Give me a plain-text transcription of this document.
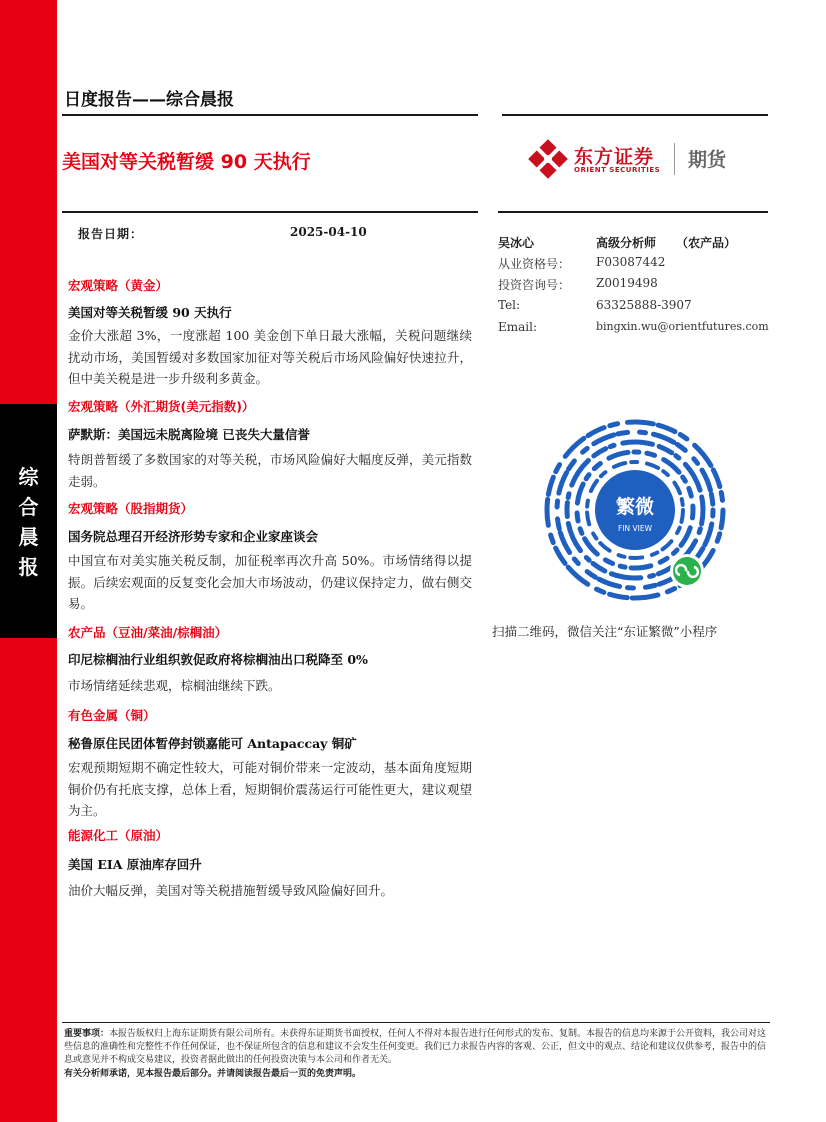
综
合
晨
报
日度报告——综合晨报
美国对等关税暂缓 90 天执行	东方证券
ORIENT SECURITIES 期货
报告日期：	2025-04-10
吴冰心	高级分析师 （农产品）
从业资格号： F03087442
投资咨询号： Z0019498
Tel:	63325888-3907
Email:	bingxin.wu@orientfutures.com
宏观策略（黄金）
美国对等关税暂缓 90 天执行
金价大涨超 3%，一度涨超 100 美金创下单日最大涨幅，关税问题继续扰动市场，美国暂缓对多数国家加征对等关税后市场风险偏好快速拉升，但中美关税是进一步升级利多黄金。
宏观策略（外汇期货(美元指数)）
萨默斯：美国远未脱离险境 已丧失大量信誉
特朗普暂缓了多数国家的对等关税，市场风险偏好大幅度反弹，美元指数走弱。
宏观策略（股指期货）
国务院总理召开经济形势专家和企业家座谈会
中国宣布对美实施关税反制，加征税率再次升高 50%。市场情绪得以提振。后续宏观面的反复变化会加大市场波动，仍建议保持定力，做右侧交易。
农产品（豆油/菜油/棕榈油）
印尼棕榈油行业组织敦促政府将棕榈油出口税降至 0%
市场情绪延续悲观，棕榈油继续下跌。
有色金属（铜）
秘鲁原住民团体暂停封锁嘉能可 Antapaccay 铜矿
宏观预期短期不确定性较大，可能对铜价带来一定波动，基本面角度短期铜价仍有托底支撑，总体上看，短期铜价震荡运行可能性更大，建议观望为主。
能源化工（原油）
美国 EIA 原油库存回升
油价大幅反弹，美国对等关税措施暂缓导致风险偏好回升。
繁微
FIN VIEW
扫描二维码，微信关注“东证繁微”小程序
重要事项：本报告版权归上海东证期货有限公司所有。未获得东证期货书面授权，任何人不得对本报告进行任何形式的发布、复制。本报告的信息均来源于公开资料，我公司对这些信息的准确性和完整性不作任何保证，也不保证所包含的信息和建议不会发生任何变更。我们已力求报告内容的客观、公正，但文中的观点、结论和建议仅供参考，报告中的信息或意见并不构成交易建议，投资者据此做出的任何投资决策与本公司和作者无关。
有关分析师承诺，见本报告最后部分。并请阅读报告最后一页的免责声明。
